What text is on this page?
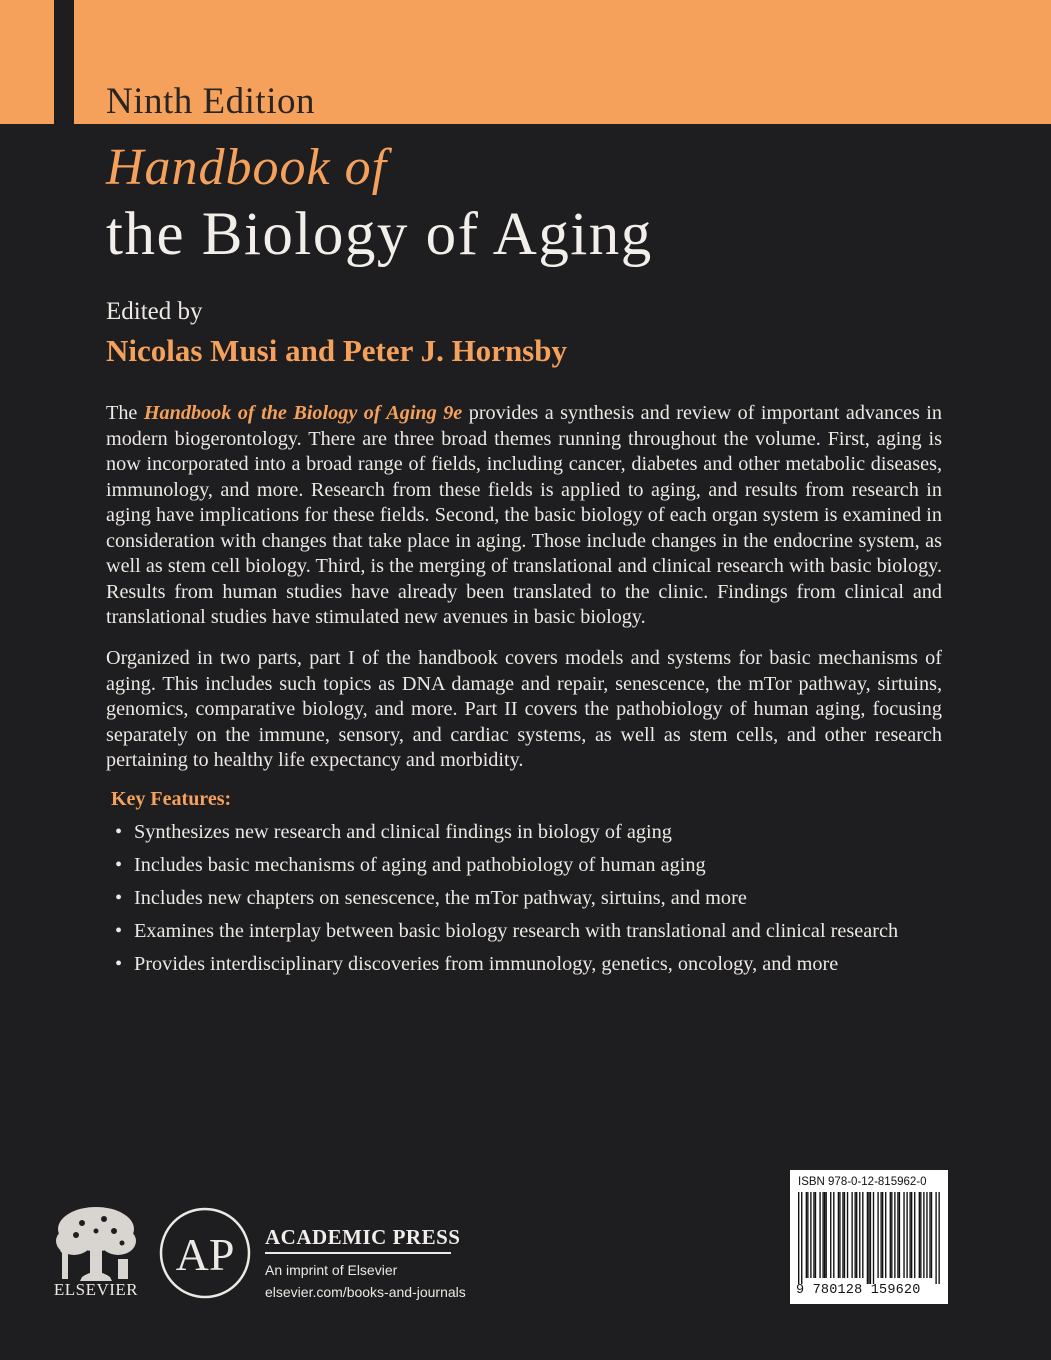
Ninth Edition
Handbook of
the Biology of Aging
Edited by
Nicolas Musi and Peter J. Hornsby

The Handbook of the Biology of Aging 9e provides a synthesis and review of important advances in modern biogerontology. There are three broad themes running throughout the volume. First, aging is now incorporated into a broad range of fields, including cancer, diabetes and other metabolic diseases, immunology, and more. Research from these fields is applied to aging, and results from research in aging have implications for these fields. Second, the basic biology of each organ system is examined in consideration with changes that take place in aging. Those include changes in the endocrine system, as well as stem cell biology. Third, is the merging of translational and clinical research with basic biology. Results from human studies have already been translated to the clinic. Findings from clinical and translational studies have stimulated new avenues in basic biology.

Organized in two parts, part I of the handbook covers models and systems for basic mechanisms of aging. This includes such topics as DNA damage and repair, senescence, the mTor pathway, sirtuins, genomics, comparative biology, and more. Part II covers the pathobiology of human aging, focusing separately on the immune, sensory, and cardiac systems, as well as stem cells, and other research pertaining to healthy life expectancy and morbidity.

Key Features:
• Synthesizes new research and clinical findings in biology of aging
• Includes basic mechanisms of aging and pathobiology of human aging
• Includes new chapters on senescence, the mTor pathway, sirtuins, and more
• Examines the interplay between basic biology research with translational and clinical research
• Provides interdisciplinary discoveries from immunology, genetics, oncology, and more
ELSEVIER
AP ACADEMIC PRESS
An imprint of Elsevier
elsevier.com/books-and-journals
ISBN 978-0-12-815962-0
9 780128 159620
